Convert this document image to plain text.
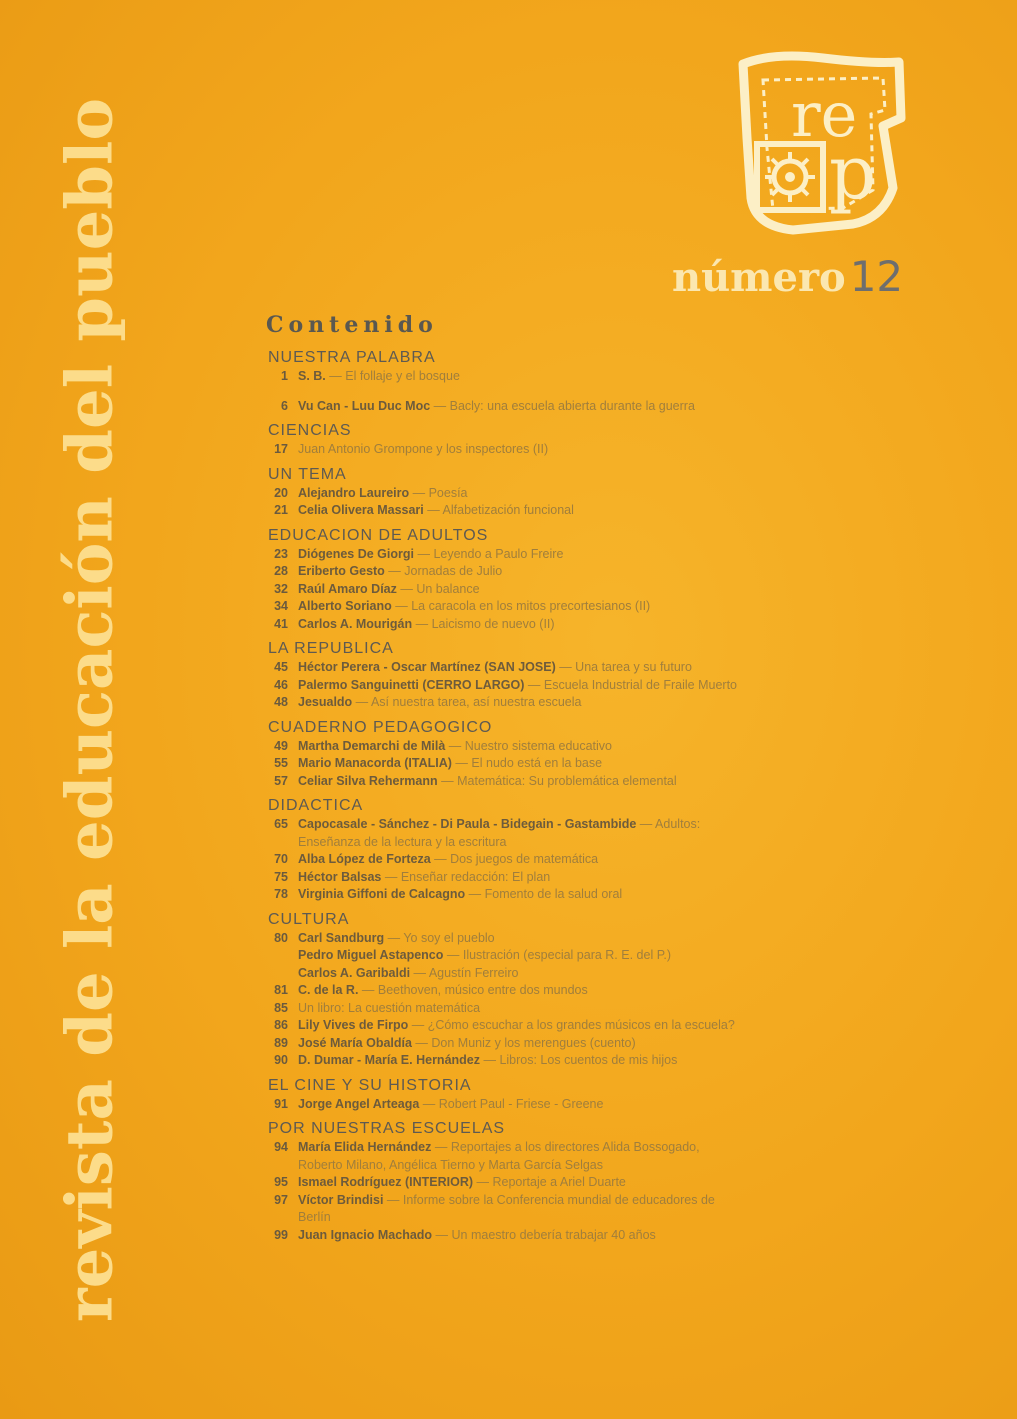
revista de la educación del pueblo	re
p
número12
Contenido
NUESTRA PALABRA
1 S. B. — El follaje y el bosque
6 Vu Can - Luu Duc Moc — Bacly: una escuela abierta durante la guerra
CIENCIAS
17 Juan Antonio Grompone y los inspectores (II)
UN TEMA
20 Alejandro Laureiro — Poesía
21 Celia Olivera Massari — Alfabetización funcional
EDUCACION DE ADULTOS
23 Diógenes De Giorgi — Leyendo a Paulo Freire
28 Eriberto Gesto — Jornadas de Julio
32 Raúl Amaro Díaz — Un balance
34 Alberto Soriano — La caracola en los mitos precortesianos (II)
41 Carlos A. Mourigán — Laicismo de nuevo (II)
LA REPUBLICA
45 Héctor Perera - Oscar Martínez (SAN JOSE) — Una tarea y su futuro
46 Palermo Sanguinetti (CERRO LARGO) — Escuela Industrial de Fraile Muerto
48 Jesualdo — Así nuestra tarea, así nuestra escuela
CUADERNO PEDAGOGICO
49 Martha Demarchi de Milà — Nuestro sistema educativo
55 Mario Manacorda (ITALIA) — El nudo está en la base
57 Celiar Silva Rehermann — Matemática: Su problemática elemental
DIDACTICA
65 Capocasale - Sánchez - Di Paula - Bidegain - Gastambide — Adultos:
Enseñanza de la lectura y la escritura
70 Alba López de Forteza — Dos juegos de matemática
75 Héctor Balsas — Enseñar redacción: El plan
78 Virginia Giffoni de Calcagno — Fomento de la salud oral
CULTURA
80 Carl Sandburg — Yo soy el pueblo
Pedro Miguel Astapenco — Ilustración (especial para R. E. del P.)
Carlos A. Garibaldi — Agustín Ferreiro
81 C. de la R. — Beethoven, músico entre dos mundos
85 Un libro: La cuestión matemática
86 Lily Vives de Firpo — ¿Cómo escuchar a los grandes músicos en la escuela?
89 José María Obaldía — Don Muniz y los merengues (cuento)
90 D. Dumar - María E. Hernández — Libros: Los cuentos de mis hijos
EL CINE Y SU HISTORIA
91 Jorge Angel Arteaga — Robert Paul - Friese - Greene
POR NUESTRAS ESCUELAS
94 María Elida Hernández — Reportajes a los directores Alida Bossogado,
Roberto Milano, Angélica Tierno y Marta García Selgas
95 Ismael Rodríguez (INTERIOR) — Reportaje a Ariel Duarte
97 Víctor Brindisi — Informe sobre la Conferencia mundial de educadores de
Berlín
99 Juan Ignacio Machado — Un maestro debería trabajar 40 años
